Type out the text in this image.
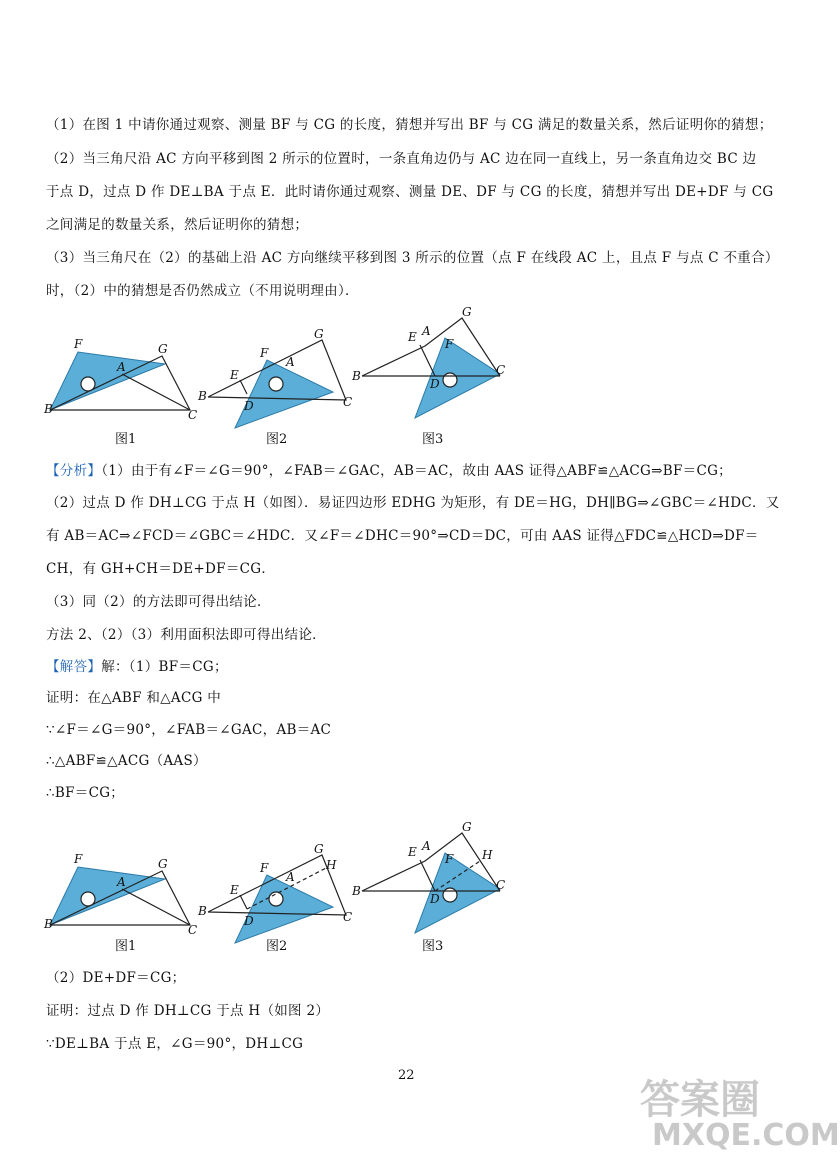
（1）在图 1 中请你通过观察、测量 BF 与 CG 的长度，猜想并写出 BF 与 CG 满足的数量关系，然后证明你的猜想；
（2）当三角尺沿 AC 方向平移到图 2 所示的位置时，一条直角边仍与 AC 边在同一直线上，另一条直角边交 BC 边
于点 D，过点 D 作 DE⊥BA 于点 E．此时请你通过观察、测量 DE、DF 与 CG 的长度，猜想并写出 DE+DF 与 CG
之间满足的数量关系，然后证明你的猜想；
（3）当三角尺在（2）的基础上沿 AC 方向继续平移到图 3 所示的位置（点 F 在线段 AC 上，且点 F 与点 C 不重合）
时，（2）中的猜想是否仍然成立（不用说明理由）．
F
A
G
B	C
F
A
G
E
B
D	C
E A
G
F
B
D
C
图1	图2	图3
【分析】（1）由于有∠F＝∠G＝90°，∠FAB＝∠GAC，AB＝AC，故由 AAS 证得△ABF≌△ACG⇒BF＝CG；
（2）过点 D 作 DH⊥CG 于点 H（如图）．易证四边形 EDHG 为矩形，有 DE＝HG，DH∥BG⇒∠GBC＝∠HDC．又
有 AB＝AC⇒∠FCD＝∠GBC＝∠HDC．又∠F＝∠DHC＝90°⇒CD＝DC，可由 AAS 证得△FDC≌△HCD⇒DF＝
CH，有 GH+CH＝DE+DF＝CG．
（3）同（2）的方法即可得出结论．
方法 2、（2）（3）利用面积法即可得出结论．
【解答】解：（1）BF＝CG；
证明：在△ABF 和△ACG 中
∵∠F＝∠G＝90°，∠FAB＝∠GAC，AB＝AC
∴△ABF≌△ACG（AAS）
∴BF＝CG；
F
A
G
B	C
F
A
G
H
E
B
D	C
E A
G
F H
B
D
C
图1	图2	图3
（2）DE+DF＝CG；
证明：过点 D 作 DH⊥CG 于点 H（如图 2）
∵DE⊥BA 于点 E，∠G＝90°，DH⊥CG
22
答案圈
MXQE.COM
